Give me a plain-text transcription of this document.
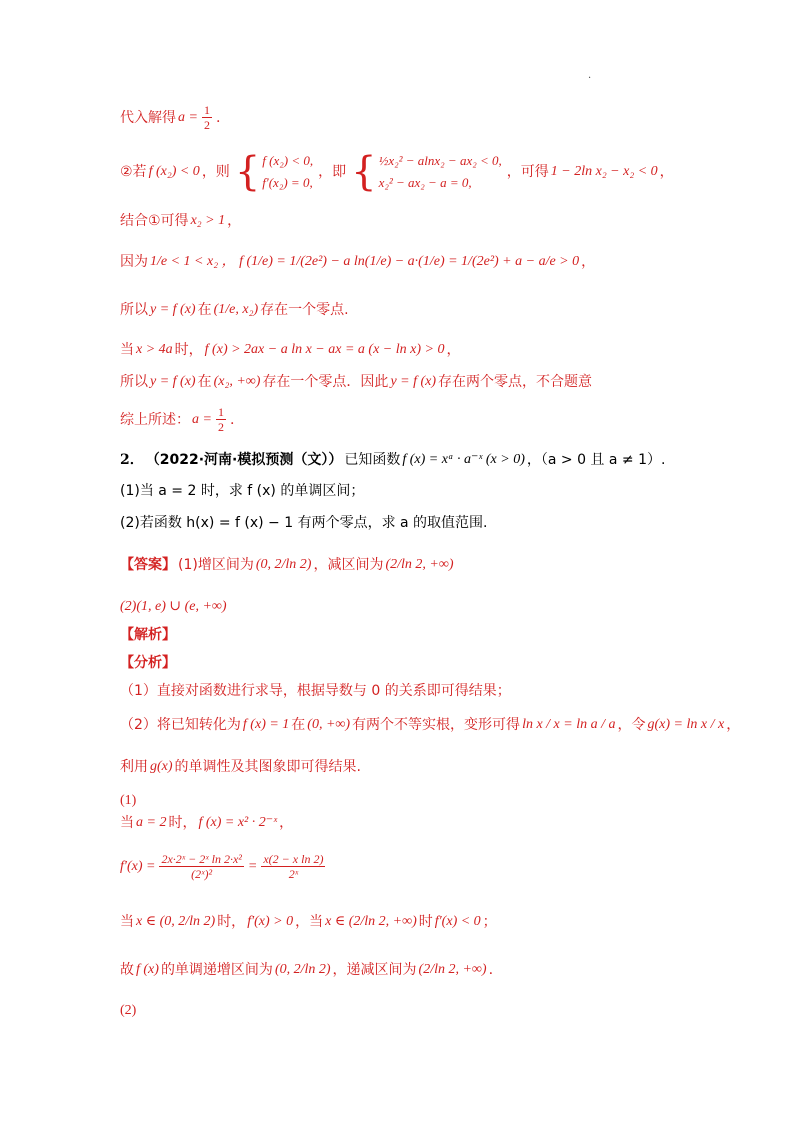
.
代入解得 $a = \frac{1}{2}$ .
②若 f (x₂) < 0 ，则 { f (x₂) < 0,
f′(x₂) = 0,
，即 { ½x₂² − alnx₂ − ax₂ < 0,
x₂² − ax₂ − a = 0,
，可得 1 − 2ln x₂ − x₂ < 0 ，
结合①可得 x₂ > 1 ，
因为 1/e < 1 < x₂ ， f (1/e) = 1/(2e²) − a ln(1/e) − a·(1/e) = 1/(2e²) + a − a/e > 0 ，
所以 y = f (x) 在 (1/e, x₂) 存在一个零点.
当 x > 4a 时， f (x) > 2ax − a ln x − ax = a (x − ln x) > 0 ，
所以 y = f (x) 在 (x₂, +∞) 存在一个零点．因此 y = f (x) 存在两个零点，不合题意
综上所述： $a = \frac{1}{2}$ .
2． （2022·河南·模拟预测（文）） 已知函数 f (x) = xᵃ · a⁻ˣ (x > 0) ，（a > 0 且 a ≠ 1）.
(1)当 a = 2 时，求 f (x) 的单调区间；
(2)若函数 h(x) = f (x) − 1 有两个零点，求 a 的取值范围.
【答案】 (1)增区间为 (0, 2/ln 2) ，减区间为 (2/ln 2, +∞)
(2)(1, e) ∪ (e, +∞)
【解析】
【分析】
（1）直接对函数进行求导，根据导数与 0 的关系即可得结果；
（2）将已知转化为 f (x) = 1 在 (0, +∞) 有两个不等实根，变形可得 ln x / x = ln a / a ，令 g(x) = ln x / x ，
利用 g(x) 的单调性及其图象即可得结果.
(1)
当 a = 2 时， f (x) = x² · 2⁻ˣ ，
$f'(x) = \frac{\text{2x·2ˣ − 2ˣ ln 2·x²}}{\text{(2ˣ)²}} = \frac{\text{x(2 − x ln 2)}}{\text{2ˣ}}$
当 x ∈ (0, 2/ln 2) 时， f′(x) > 0 ，当 x ∈ (2/ln 2, +∞) 时 f′(x) < 0 ；
故 f (x) 的单调递增区间为 (0, 2/ln 2) ，递减区间为 (2/ln 2, +∞) .
(2)
